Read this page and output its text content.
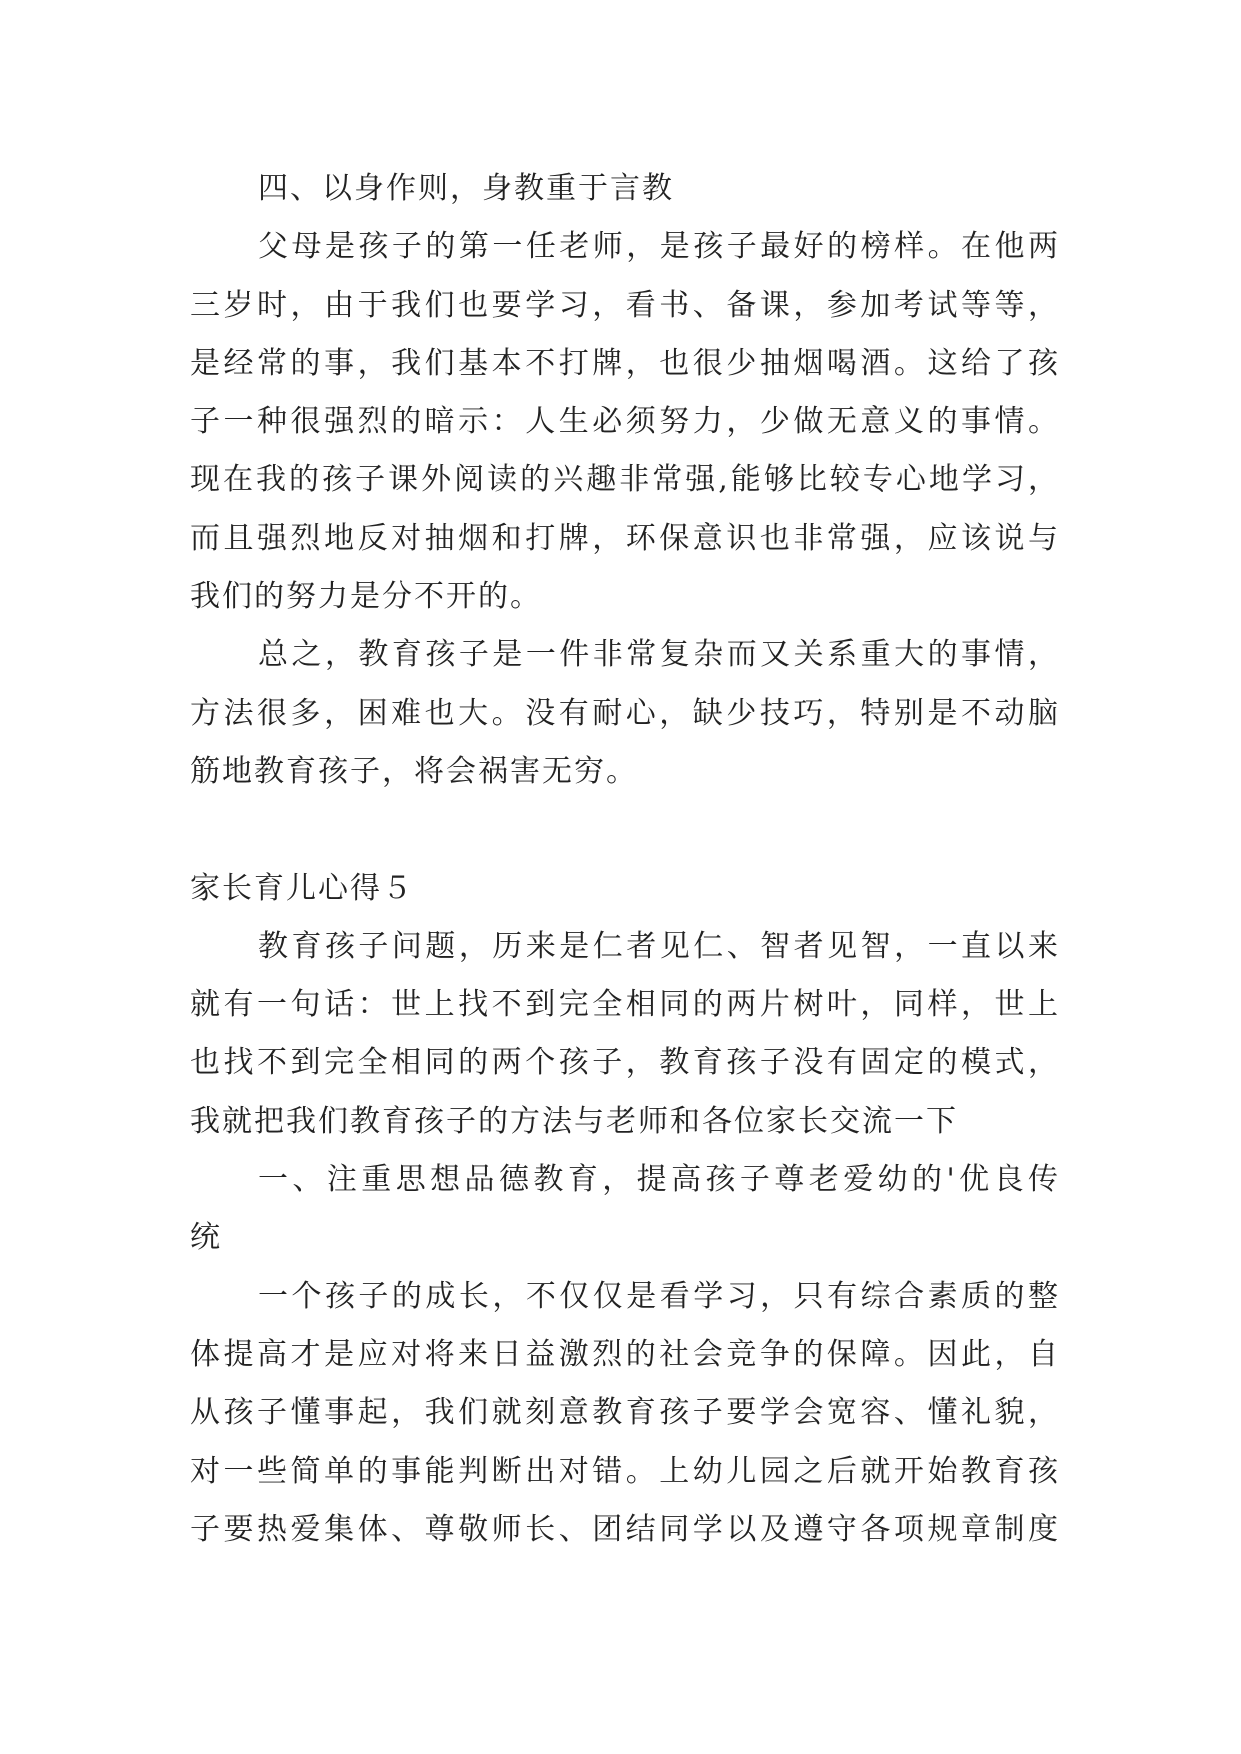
四、以身作则，身教重于言教
父母是孩子的第一任老师，是孩子最好的榜样。在他两
三岁时，由于我们也要学习，看书、备课，参加考试等等，
是经常的事，我们基本不打牌，也很少抽烟喝酒。这给了孩
子一种很强烈的暗示：人生必须努力，少做无意义的事情。
现在我的孩子课外阅读的兴趣非常强,能够比较专心地学习，
而且强烈地反对抽烟和打牌，环保意识也非常强，应该说与
我们的努力是分不开的。
总之，教育孩子是一件非常复杂而又关系重大的事情，
方法很多，困难也大。没有耐心，缺少技巧，特别是不动脑
筋地教育孩子，将会祸害无穷。
家长育儿心得５
教育孩子问题，历来是仁者见仁、智者见智，一直以来
就有一句话：世上找不到完全相同的两片树叶，同样，世上
也找不到完全相同的两个孩子，教育孩子没有固定的模式，
我就把我们教育孩子的方法与老师和各位家长交流一下
一、注重思想品德教育，提高孩子尊老爱幼的'优良传
统
一个孩子的成长，不仅仅是看学习，只有综合素质的整
体提高才是应对将来日益激烈的社会竞争的保障。因此，自
从孩子懂事起，我们就刻意教育孩子要学会宽容、懂礼貌，
对一些简单的事能判断出对错。上幼儿园之后就开始教育孩
子要热爱集体、尊敬师长、团结同学以及遵守各项规章制度
